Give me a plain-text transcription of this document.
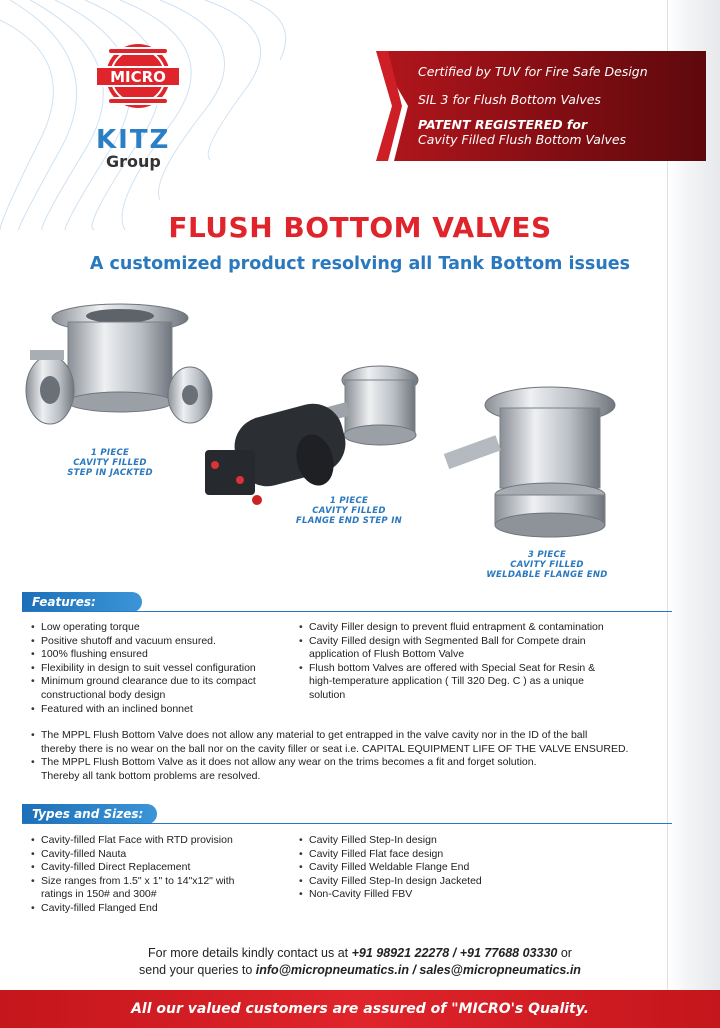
MICRO
KITZ
Group
Certified by TUV for Fire Safe Design
SIL 3 for Flush Bottom Valves
PATENT REGISTERED for
Cavity Filled Flush Bottom Valves
FLUSH BOTTOM VALVES
A customized product resolving all Tank Bottom issues
1 PIECE
CAVITY FILLED
STEP IN JACKTED
1 PIECE
CAVITY FILLED
FLANGE END STEP IN
3 PIECE
CAVITY FILLED
WELDABLE FLANGE END
Features:
• Low operating torque
• Positive shutoff and vacuum ensured.
• 100% flushing ensured
• Flexibility in design to suit vessel configuration
• Minimum ground clearance due to its compact
constructional body design
• Featured with an inclined bonnet
• Cavity Filler design to prevent fluid entrapment & contamination
• Cavity Filled design with Segmented Ball for Compete drain
application of Flush Bottom Valve
• Flush bottom Valves are offered with Special Seat for Resin &
high-temperature application ( Till 320 Deg. C ) as a unique
solution
• The MPPL Flush Bottom Valve does not allow any material to get entrapped in the valve cavity nor in the ID of the ball
thereby there is no wear on the ball nor on the cavity filler or seat i.e. CAPITAL EQUIPMENT LIFE OF THE VALVE ENSURED.
• The MPPL Flush Bottom Valve as it does not allow any wear on the trims becomes a fit and forget solution.
Thereby all tank bottom problems are resolved.
Types and Sizes:
• Cavity-filled Flat Face with RTD provision
• Cavity-filled Nauta
• Cavity-filled Direct Replacement
• Size ranges from 1.5" x 1" to 14"x12" with
ratings in 150# and 300#
• Cavity-filled Flanged End
• Cavity Filled Step-In design
• Cavity Filled Flat face design
• Cavity Filled Weldable Flange End
• Cavity Filled Step-In design Jacketed
• Non-Cavity Filled FBV
For more details kindly contact us at +91 98921 22278 / +91 77688 03330 or
send your queries to info@micropneumatics.in / sales@micropneumatics.in
All our valued customers are assured of "MICRO's Quality.
